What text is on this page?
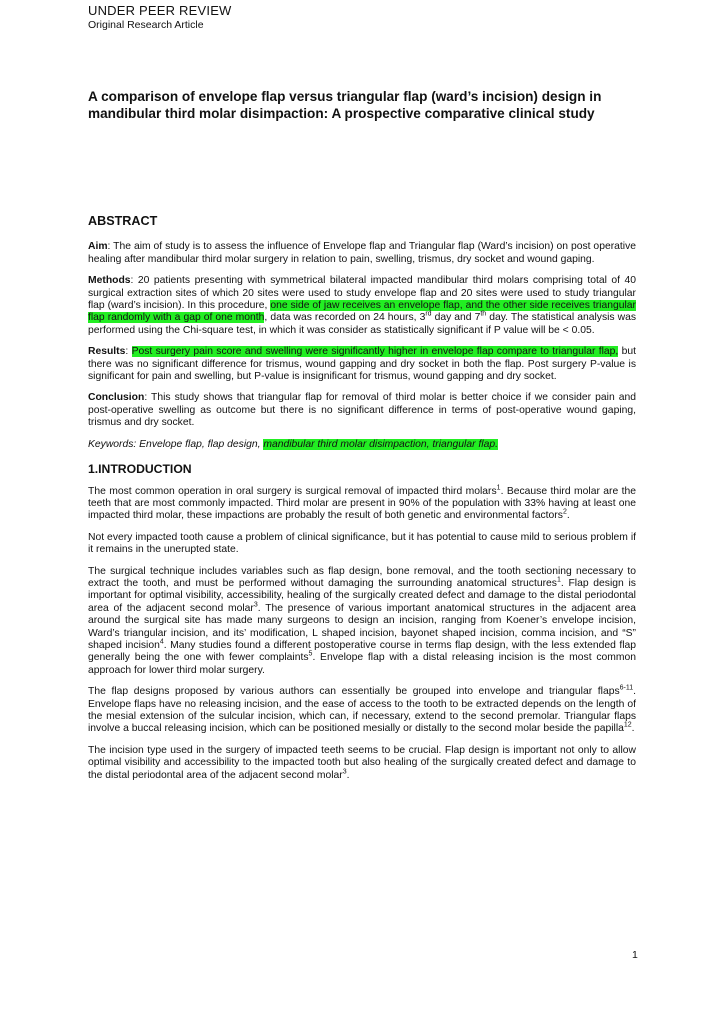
UNDER PEER REVIEW
Original Research Article
A comparison of envelope flap versus triangular flap (ward’s incision) design in mandibular third molar disimpaction: A prospective comparative clinical study
ABSTRACT

Aim: The aim of study is to assess the influence of Envelope flap and Triangular flap (Ward’s incision) on post operative healing after mandibular third molar surgery in relation to pain, swelling, trismus, dry socket and wound gaping.

Methods: 20 patients presenting with symmetrical bilateral impacted mandibular third molars comprising total of 40 surgical extraction sites of which 20 sites were used to study envelope flap and 20 sites were used to study triangular flap (ward’s incision). In this procedure, one side of jaw receives an envelope flap, and the other side receives triangular flap randomly with a gap of one month, data was recorded on 24 hours, 3rd day and 7th day. The statistical analysis was performed using the Chi-square test, in which it was consider as statistically significant if P value will be < 0.05.

Results: Post surgery pain score and swelling were significantly higher in envelope flap compare to triangular flap, but there was no significant difference for trismus, wound gapping and dry socket in both the flap. Post surgery P-value is significant for pain and swelling, but P-value is insignificant for trismus, wound gapping and dry socket.

Conclusion: This study shows that triangular flap for removal of third molar is better choice if we consider pain and post-operative swelling as outcome but there is no significant difference in terms of post-operative wound gaping, trismus and dry socket.

Keywords: Envelope flap, flap design, mandibular third molar disimpaction, triangular flap.

1.INTRODUCTION

The most common operation in oral surgery is surgical removal of impacted third molars$^1$. Because third molar are the teeth that are most commonly impacted. Third molar are present in 90% of the population with 33% having at least one impacted third molar, these impactions are probably the result of both genetic and environmental factors$^2$.

Not every impacted tooth cause a problem of clinical significance, but it has potential to cause mild to serious problem if it remains in the unerupted state.

The surgical technique includes variables such as flap design, bone removal, and the tooth sectioning necessary to extract the tooth, and must be performed without damaging the surrounding anatomical structures$^1$. Flap design is important for optimal visibility, accessibility, healing of the surgically created defect and damage to the distal periodontal area of the adjacent second molar$^3$. The presence of various important anatomical structures in the adjacent area around the surgical site has made many surgeons to design an incision, ranging from Koener’s envelope incision, Ward’s triangular incision, and its’ modification, L shaped incision, bayonet shaped incision, comma incision, and “S” shaped incision$^4$. Many studies found a different postoperative course in terms flap design, with the less extended flap generally being the one with fewer complaints$^5$. Envelope flap with a distal releasing incision is the most common approach for lower third molar surgery.

The flap designs proposed by various authors can essentially be grouped into envelope and triangular flaps$^{6-11}$. Envelope flaps have no releasing incision, and the ease of access to the tooth to be extracted depends on the length of the mesial extension of the sulcular incision, which can, if necessary, extend to the second premolar. Triangular flaps involve a buccal releasing incision, which can be positioned mesially or distally to the second molar beside the papilla$^{12}$.

The incision type used in the surgery of impacted teeth seems to be crucial. Flap design is important not only to allow optimal visibility and accessibility to the impacted tooth but also healing of the surgically created defect and damage to the distal periodontal area of the adjacent second molar$^3$.

1
